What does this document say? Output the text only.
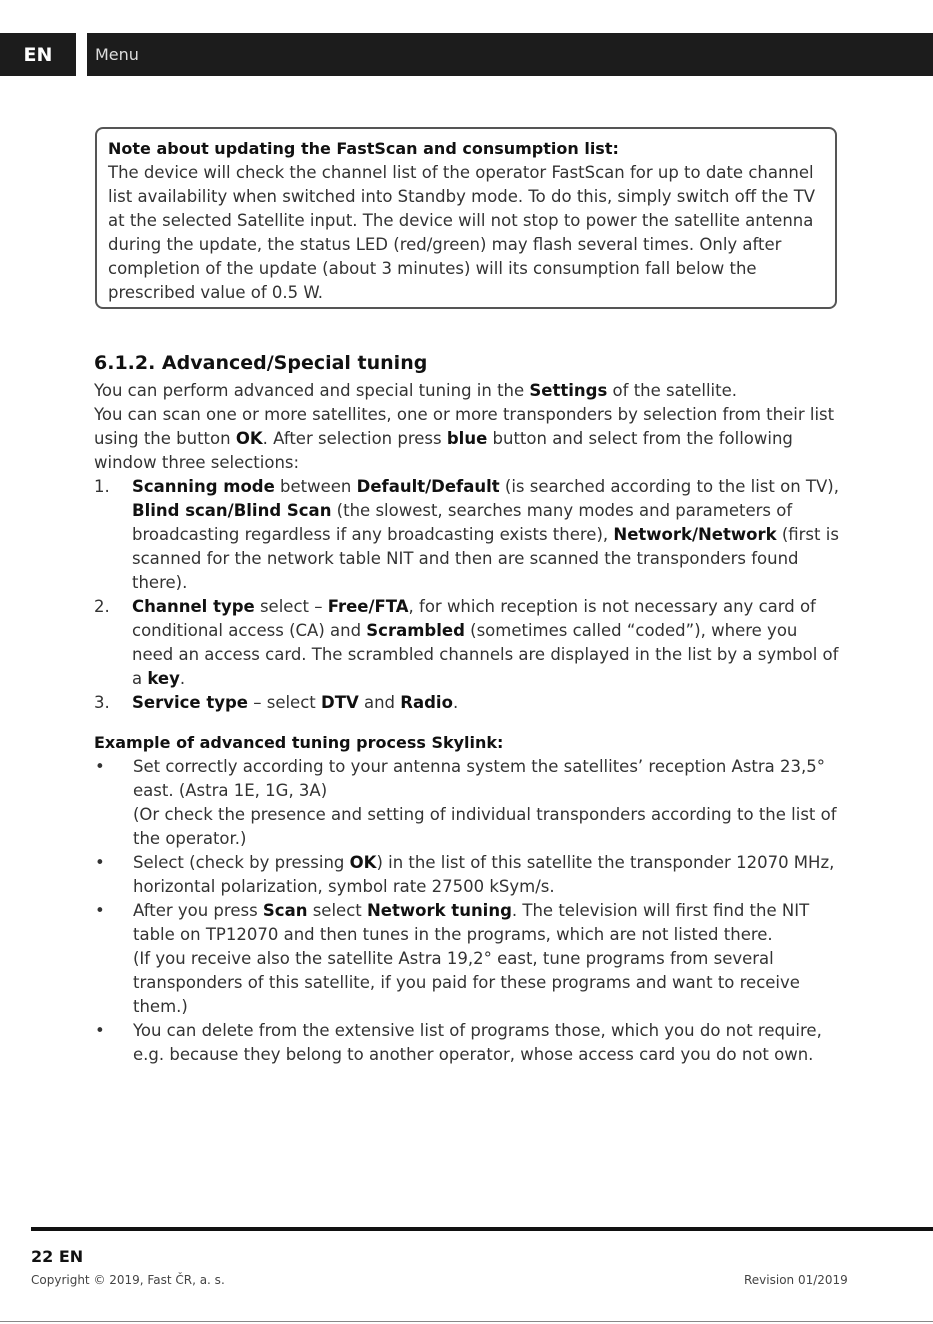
EN	Menu
Note about updating the FastScan and consumption list:
The device will check the channel list of the operator FastScan for up to date channel list availability when switched into Standby mode. To do this, simply switch off the TV at the selected Satellite input. The device will not stop to power the satellite antenna during the update, the status LED (red/green) may flash several times. Only after completion of the update (about 3 minutes) will its consumption fall below the prescribed value of 0.5 W.
6.1.2. Advanced/Special tuning

You can perform advanced and special tuning in the Settings of the satellite.

You can scan one or more satellites, one or more transponders by selection from their list using the button OK. After selection press blue button and select from the following window three selections:

1.	Scanning mode between Default/Default (is searched according to the list on TV), Blind scan/Blind Scan (the slowest, searches many modes and parameters of broadcasting regardless if any broadcasting exists there), Network/Network (first is scanned for the network table NIT and then are scanned the transponders found there).
2.	Channel type select – Free/FTA, for which reception is not necessary any card of conditional access (CA) and Scrambled (sometimes called “coded”), where you need an access card. The scrambled channels are displayed in the list by a symbol of a key.
3.	Service type – select DTV and Radio.
Example of advanced tuning process Skylink:
•	Set correctly according to your antenna system the satellites’ reception Astra 23,5° east. (Astra 1E, 1G, 3A)
(Or check the presence and setting of individual transponders according to the list of the operator.)
•	Select (check by pressing OK) in the list of this satellite the transponder 12070 MHz, horizontal polarization, symbol rate 27500 kSym/s.
•	After you press Scan select Network tuning. The television will first find the NIT table on TP12070 and then tunes in the programs, which are not listed there.
(If you receive also the satellite Astra 19,2° east, tune programs from several transponders of this satellite, if you paid for these programs and want to receive them.)
•	You can delete from the extensive list of programs those, which you do not require, e.g. because they belong to another operator, whose access card you do not own.
22 EN
Copyright © 2019, Fast ČR, a. s.	Revision 01/2019
